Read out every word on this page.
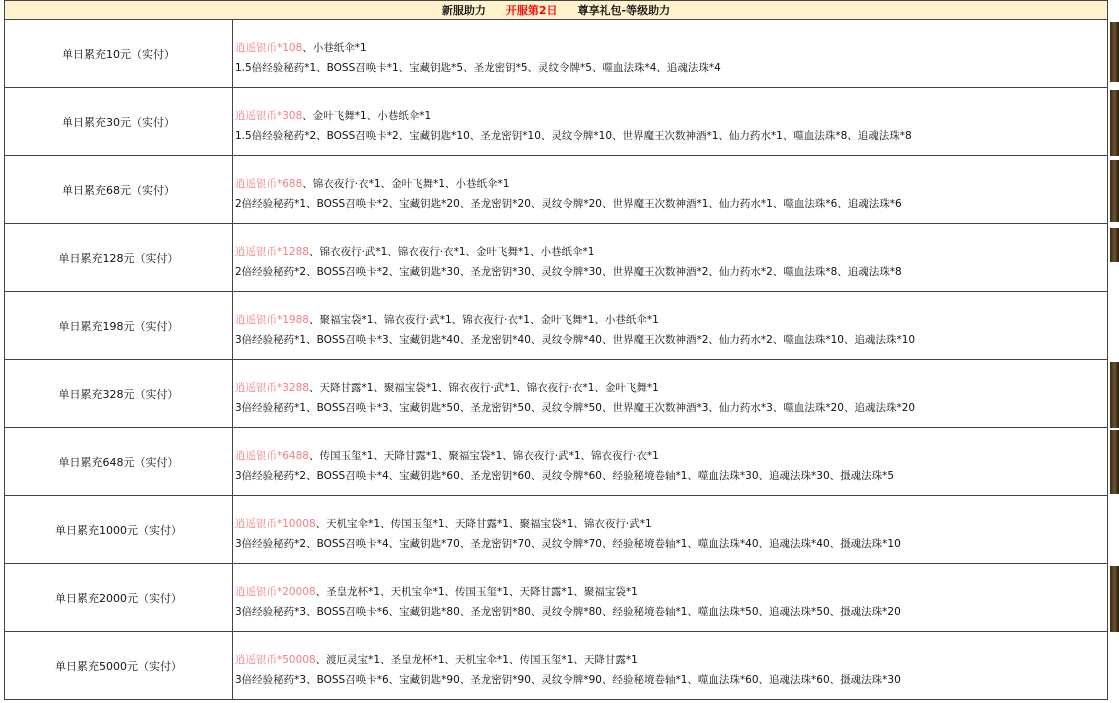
新服助力	开服第2日	尊享礼包-等级助力
单日累充10元（实付）	逍遥银币*108、小巷纸伞*1
1.5倍经验秘药*1、BOSS召唤卡*1、宝藏钥匙*5、圣龙密钥*5、灵纹令牌*5、噬血法珠*4、追魂法珠*4
单日累充30元（实付）	逍遥银币*308、金叶飞舞*1、小巷纸伞*1
1.5倍经验秘药*2、BOSS召唤卡*2、宝藏钥匙*10、圣龙密钥*10、灵纹令牌*10、世界魔王次数神酒*1、仙力药水*1、噬血法珠*8、追魂法珠*8
单日累充68元（实付）	逍遥银币*688、锦衣夜行·衣*1、金叶飞舞*1、小巷纸伞*1
2倍经验秘药*1、BOSS召唤卡*2、宝藏钥匙*20、圣龙密钥*20、灵纹令牌*20、世界魔王次数神酒*1、仙力药水*1、噬血法珠*6、追魂法珠*6
单日累充128元（实付）	逍遥银币*1288、锦衣夜行·武*1、锦衣夜行·衣*1、金叶飞舞*1、小巷纸伞*1
2倍经验秘药*2、BOSS召唤卡*2、宝藏钥匙*30、圣龙密钥*30、灵纹令牌*30、世界魔王次数神酒*2、仙力药水*2、噬血法珠*8、追魂法珠*8
单日累充198元（实付）	逍遥银币*1988、聚福宝袋*1、锦衣夜行·武*1、锦衣夜行·衣*1、金叶飞舞*1、小巷纸伞*1
3倍经验秘药*1、BOSS召唤卡*3、宝藏钥匙*40、圣龙密钥*40、灵纹令牌*40、世界魔王次数神酒*2、仙力药水*2、噬血法珠*10、追魂法珠*10
单日累充328元（实付）	逍遥银币*3288、天降甘露*1、聚福宝袋*1、锦衣夜行·武*1、锦衣夜行·衣*1、金叶飞舞*1
3倍经验秘药*1、BOSS召唤卡*3、宝藏钥匙*50、圣龙密钥*50、灵纹令牌*50、世界魔王次数神酒*3、仙力药水*3、噬血法珠*20、追魂法珠*20
单日累充648元（实付）	逍遥银币*6488、传国玉玺*1、天降甘露*1、聚福宝袋*1、锦衣夜行·武*1、锦衣夜行·衣*1
3倍经验秘药*2、BOSS召唤卡*4、宝藏钥匙*60、圣龙密钥*60、灵纹令牌*60、经验秘境卷轴*1、噬血法珠*30、追魂法珠*30、摄魂法珠*5
单日累充1000元（实付）	逍遥银币*10008、天机宝伞*1、传国玉玺*1、天降甘露*1、聚福宝袋*1、锦衣夜行·武*1
3倍经验秘药*2、BOSS召唤卡*4、宝藏钥匙*70、圣龙密钥*70、灵纹令牌*70、经验秘境卷轴*1、噬血法珠*40、追魂法珠*40、摄魂法珠*10
单日累充2000元（实付）	逍遥银币*20008、圣皇龙杯*1、天机宝伞*1、传国玉玺*1、天降甘露*1、聚福宝袋*1
3倍经验秘药*3、BOSS召唤卡*6、宝藏钥匙*80、圣龙密钥*80、灵纹令牌*80、经验秘境卷轴*1、噬血法珠*50、追魂法珠*50、摄魂法珠*20
单日累充5000元（实付）	逍遥银币*50008、渡厄灵宝*1、圣皇龙杯*1、天机宝伞*1、传国玉玺*1、天降甘露*1
3倍经验秘药*3、BOSS召唤卡*6、宝藏钥匙*90、圣龙密钥*90、灵纹令牌*90、经验秘境卷轴*1、噬血法珠*60、追魂法珠*60、摄魂法珠*30
